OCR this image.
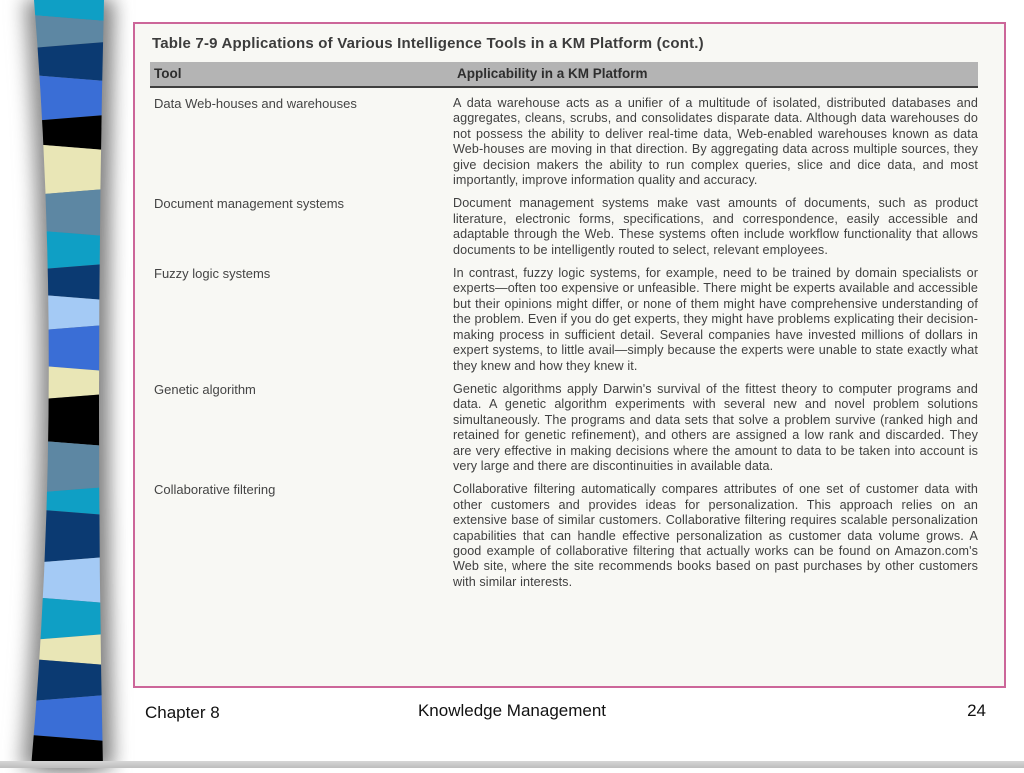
Table 7-9 Applications of Various Intelligence Tools in a KM Platform (cont.)
Tool	Applicability in a KM Platform
Data Web-houses and warehouses	A data warehouse acts as a unifier of a multitude of isolated, distributed databases and aggregates, cleans, scrubs, and consolidates disparate data. Although data warehouses do not possess the ability to deliver real-time data, Web-enabled warehouses known as data Web-houses are moving in that direction. By aggregating data across multiple sources, they give decision makers the ability to run complex queries, slice and dice data, and most importantly, improve information quality and accuracy.
Document management systems	Document management systems make vast amounts of documents, such as product literature, electronic forms, specifications, and correspondence, easily accessible and adaptable through the Web. These systems often include workflow functionality that allows documents to be intelligently routed to select, relevant employees.
Fuzzy logic systems	In contrast, fuzzy logic systems, for example, need to be trained by domain specialists or experts—often too expensive or unfeasible. There might be experts available and accessible but their opinions might differ, or none of them might have comprehensive understanding of the problem. Even if you do get experts, they might have problems explicating their decision-making process in sufficient detail. Several companies have invested millions of dollars in expert systems, to little avail—simply because the experts were unable to state exactly what they knew and how they knew it.
Genetic algorithm	Genetic algorithms apply Darwin's survival of the fittest theory to computer programs and data. A genetic algorithm experiments with several new and novel problem solutions simultaneously. The programs and data sets that solve a problem survive (ranked high and retained for genetic refinement), and others are assigned a low rank and discarded. They are very effective in making decisions where the amount to data to be taken into account is very large and there are discontinuities in available data.
Collaborative filtering	Collaborative filtering automatically compares attributes of one set of customer data with other customers and provides ideas for personalization. This approach relies on an extensive base of similar customers. Collaborative filtering requires scalable personalization capabilities that can handle effective personalization as customer data volume grows. A good example of collaborative filtering that actually works can be found on Amazon.com's Web site, where the site recommends books based on past purchases by other customers with similar interests.
Chapter 8	Knowledge Management	24
